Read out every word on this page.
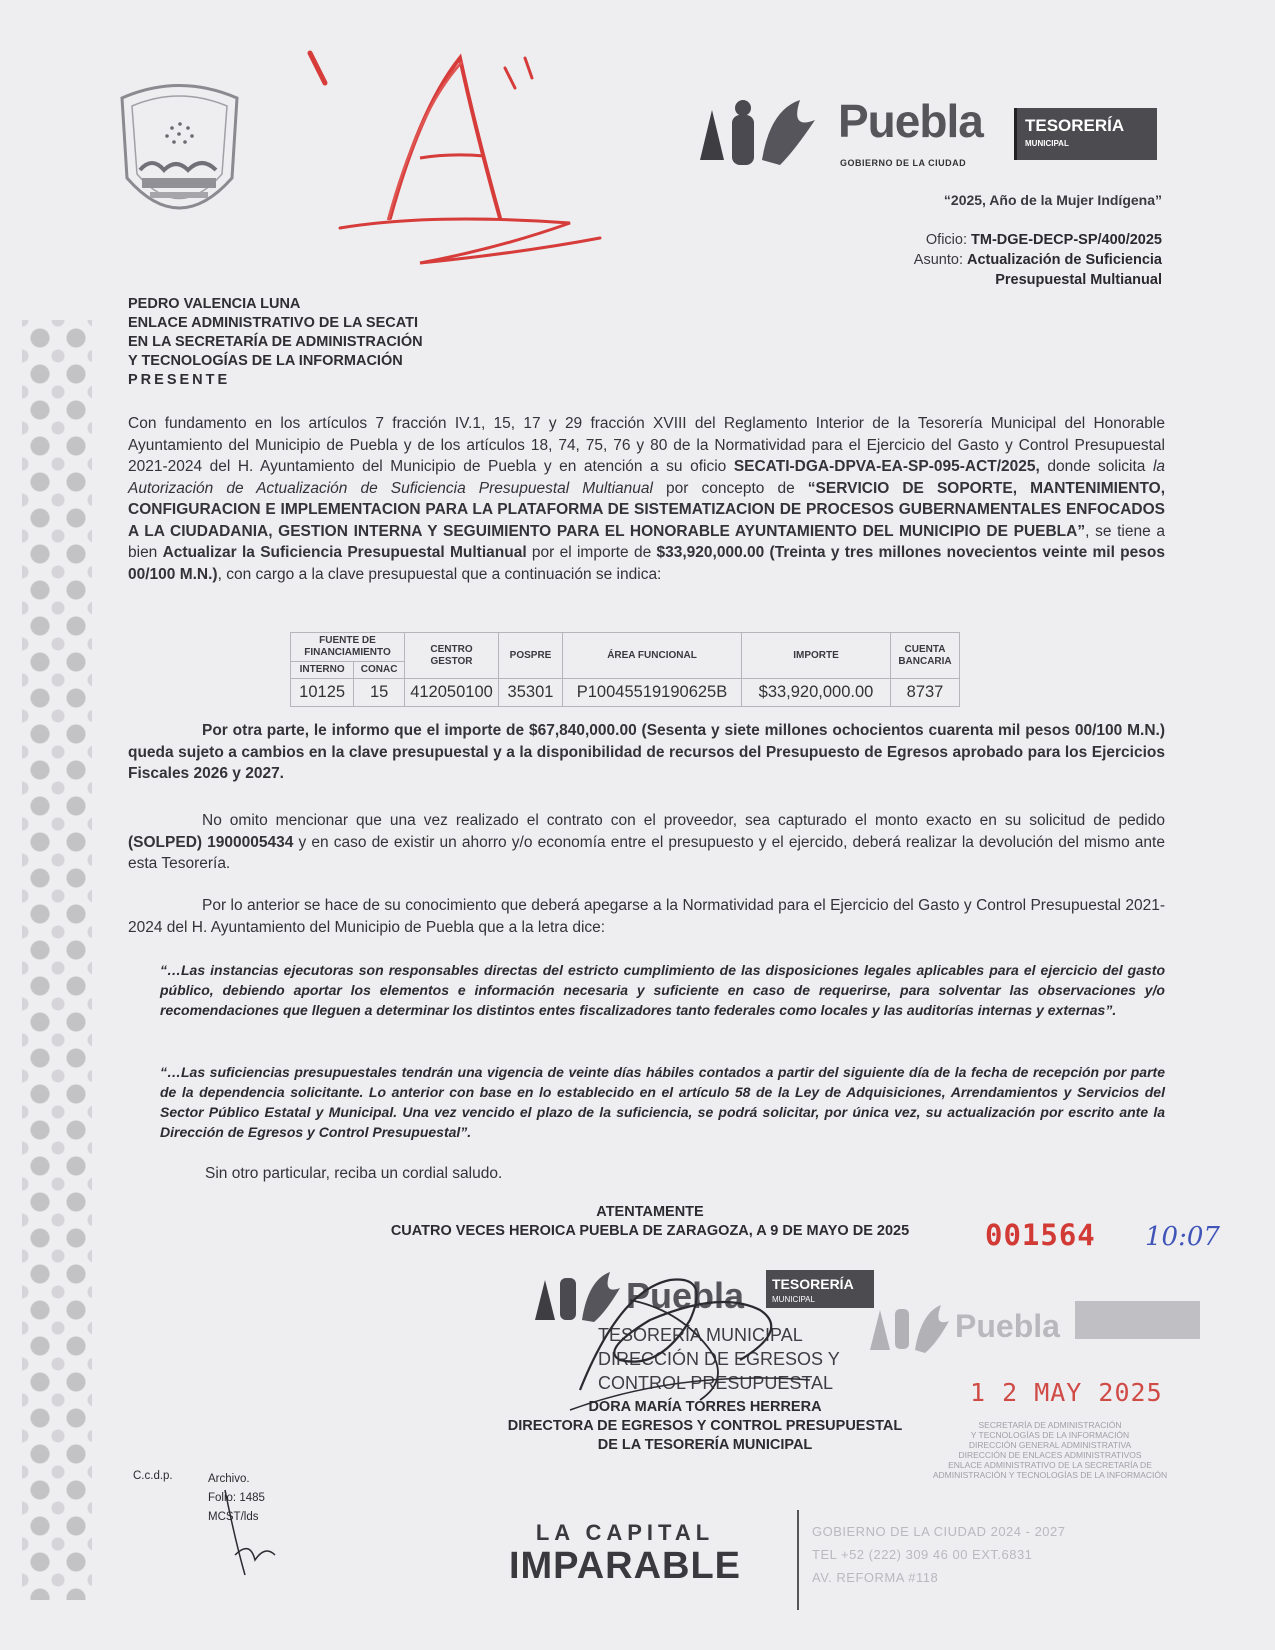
Puebla
GOBIERNO DE LA CIUDAD
TESORERÍA
MUNICIPAL
“2025, Año de la Mujer Indígena”
Oficio: TM-DGE-DECP-SP/400/2025
Asunto: Actualización de Suficiencia
Presupuestal Multianual
PEDRO VALENCIA LUNA
ENLACE ADMINISTRATIVO DE LA SECATI
EN LA SECRETARÍA DE ADMINISTRACIÓN
Y TECNOLOGÍAS DE LA INFORMACIÓN
PRESENTE
Con fundamento en los artículos 7 fracción IV.1, 15, 17 y 29 fracción XVIII del Reglamento Interior de la Tesorería Municipal del Honorable Ayuntamiento del Municipio de Puebla y de los artículos 18, 74, 75, 76 y 80 de la Normatividad para el Ejercicio del Gasto y Control Presupuestal 2021-2024 del H. Ayuntamiento del Municipio de Puebla y en atención a su oficio SECATI-DGA-DPVA-EA-SP-095-ACT/2025, donde solicita la Autorización de Actualización de Suficiencia Presupuestal Multianual por concepto de “SERVICIO DE SOPORTE, MANTENIMIENTO, CONFIGURACION E IMPLEMENTACION PARA LA PLATAFORMA DE SISTEMATIZACION DE PROCESOS GUBERNAMENTALES ENFOCADOS A LA CIUDADANIA, GESTION INTERNA Y SEGUIMIENTO PARA EL HONORABLE AYUNTAMIENTO DEL MUNICIPIO DE PUEBLA”, se tiene a bien Actualizar la Suficiencia Presupuestal Multianual por el importe de $33,920,000.00 (Treinta y tres millones novecientos veinte mil pesos 00/100 M.N.), con cargo a la clave presupuestal que a continuación se indica:
FUENTE DE FINANCIAMIENTO		CENTRO GESTOR	POSPRE	ÁREA FUNCIONAL	IMPORTE	CUENTA BANCARIA
INTERNO	CONAC					
10125	15	412050100	35301	P10045519190625B	$33,920,000.00	8737
Por otra parte, le informo que el importe de $67,840,000.00 (Sesenta y siete millones ochocientos cuarenta mil pesos 00/100 M.N.) queda sujeto a cambios en la clave presupuestal y a la disponibilidad de recursos del Presupuesto de Egresos aprobado para los Ejercicios Fiscales 2026 y 2027.
No omito mencionar que una vez realizado el contrato con el proveedor, sea capturado el monto exacto en su solicitud de pedido (SOLPED) 1900005434 y en caso de existir un ahorro y/o economía entre el presupuesto y el ejercido, deberá realizar la devolución del mismo ante esta Tesorería.
Por lo anterior se hace de su conocimiento que deberá apegarse a la Normatividad para el Ejercicio del Gasto y Control Presupuestal 2021-2024 del H. Ayuntamiento del Municipio de Puebla que a la letra dice:
“…Las instancias ejecutoras son responsables directas del estricto cumplimiento de las disposiciones legales aplicables para el ejercicio del gasto público, debiendo aportar los elementos e información necesaria y suficiente en caso de requerirse, para solventar las observaciones y/o recomendaciones que lleguen a determinar los distintos entes fiscalizadores tanto federales como locales y las auditorías internas y externas”.
“…Las suficiencias presupuestales tendrán una vigencia de veinte días hábiles contados a partir del siguiente día de la fecha de recepción por parte de la dependencia solicitante. Lo anterior con base en lo establecido en el artículo 58 de la Ley de Adquisiciones, Arrendamientos y Servicios del Sector Público Estatal y Municipal. Una vez vencido el plazo de la suficiencia, se podrá solicitar, por única vez, su actualización por escrito ante la Dirección de Egresos y Control Presupuestal”.
Sin otro particular, reciba un cordial saludo.
ATENTAMENTE
CUATRO VECES HEROICA PUEBLA DE ZARAGOZA, A 9 DE MAYO DE 2025	001564 10:07
Puebla TESORERÍA
MUNICIPAL
TESORERÍA MUNICIPAL
DIRECCIÓN DE EGRESOS Y
CONTROL PRESUPUESTAL
DORA MARÍA TORRES HERRERA
DIRECTORA DE EGRESOS Y CONTROL PRESUPUESTAL
DE LA TESORERÍA MUNICIPAL
Puebla
1 2 MAY 2025
SECRETARÍA DE ADMINISTRACIÓN
Y TECNOLOGÍAS DE LA INFORMACIÓN
DIRECCIÓN GENERAL ADMINISTRATIVA
DIRECCIÓN DE ENLACES ADMINISTRATIVOS
ENLACE ADMINISTRATIVO DE LA SECRETARÍA DE
ADMINISTRACIÓN Y TECNOLOGÍAS DE LA INFORMACIÓN
C.c.d.p.	Archivo.
Folio: 1485
MCST/lds
LA CAPITAL
IMPARABLE
GOBIERNO DE LA CIUDAD 2024 - 2027
TEL +52 (222) 309 46 00 EXT.6831
AV. REFORMA #118
